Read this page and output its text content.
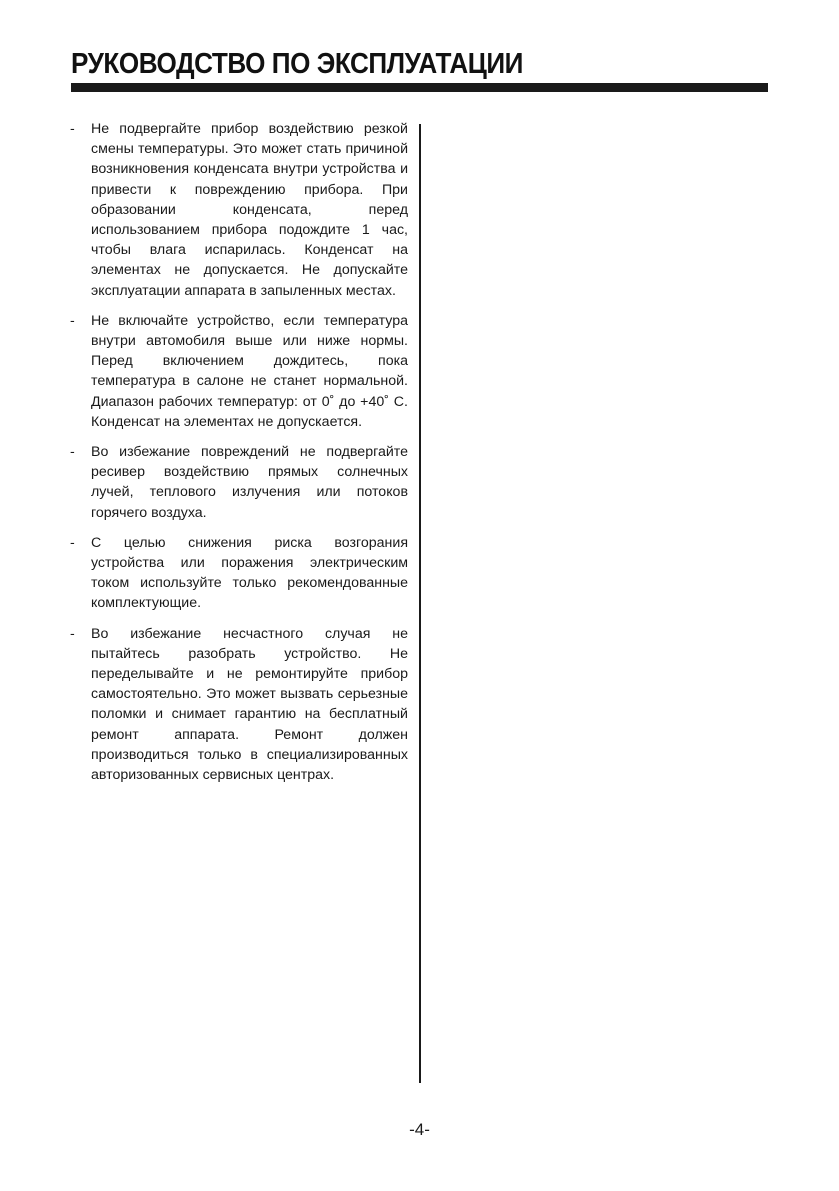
РУКОВОДСТВО ПО ЭКСПЛУАТАЦИИ
-	Не подвергайте прибор воздействию резкой смены температуры. Это может стать причиной возникновения конденсата внутри устройства и привести к повреждению прибора. При образовании конденсата, перед использованием прибора подождите 1 час, чтобы влага испарилась. Конденсат на элементах не допускается. Не допускайте эксплуатации аппарата в запыленных местах.
-	Не включайте устройство, если температура внутри автомобиля выше или ниже нормы. Перед включением дождитесь, пока температура в салоне не станет нормальной. Диапазон рабочих температур: от 0˚ до +40˚ С. Конденсат на элементах не допускается.
-	Во избежание повреждений не подвергайте ресивер воздействию прямых солнечных лучей, теплового излучения или потоков горячего воздуха.
-	С целью снижения риска возгорания устройства или поражения электрическим током используйте только рекомендованные комплектующие.
-	Во избежание несчастного случая не пытайтесь разобрать устройство. Не переделывайте и не ремонтируйте прибор самостоятельно. Это может вызвать серьезные поломки и снимает гарантию на бесплатный ремонт аппарата. Ремонт должен производиться только в специализированных авторизованных сервисных центрах.
-4-
